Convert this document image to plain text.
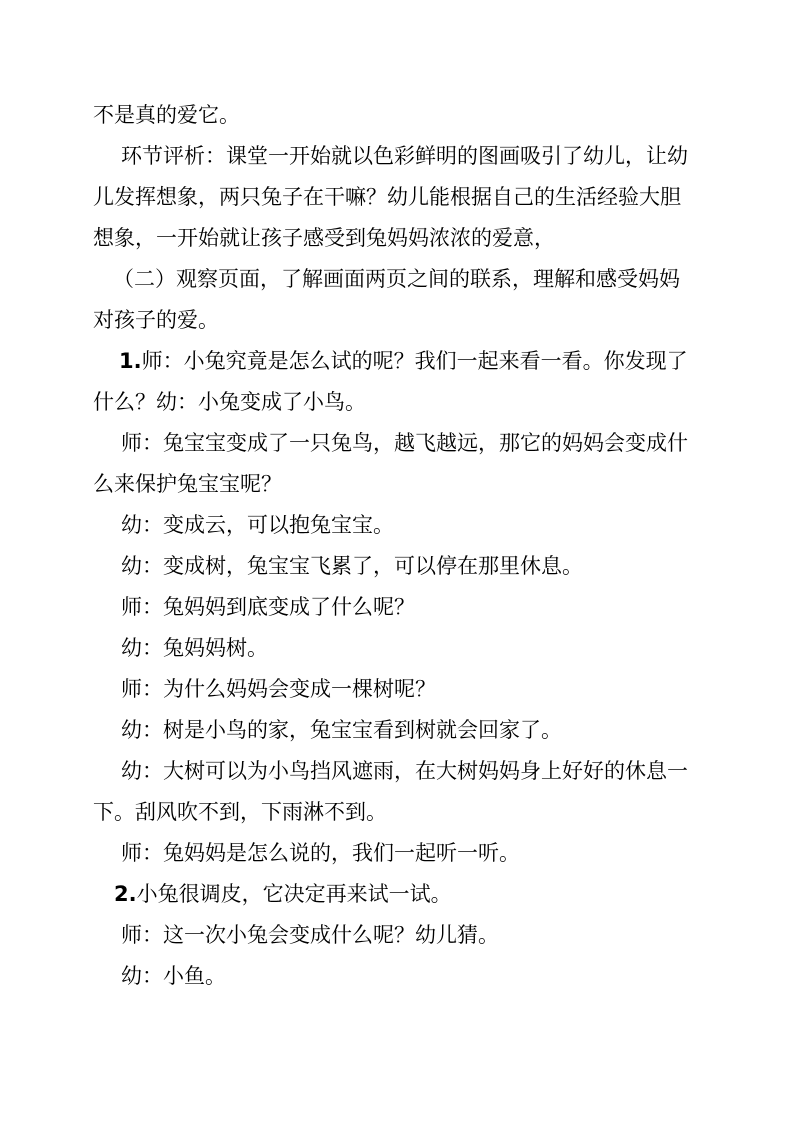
不是真的爱它。
环节评析：课堂一开始就以色彩鲜明的图画吸引了幼儿，让幼
儿发挥想象，两只兔子在干嘛？幼儿能根据自己的生活经验大胆
想象，一开始就让孩子感受到兔妈妈浓浓的爱意，
（二）观察页面，了解画面两页之间的联系，理解和感受妈妈
对孩子的爱。
1.师：小兔究竟是怎么试的呢？我们一起来看一看。你发现了
什么？幼：小兔变成了小鸟。
师：兔宝宝变成了一只兔鸟，越飞越远，那它的妈妈会变成什
么来保护兔宝宝呢？
幼：变成云，可以抱兔宝宝。
幼：变成树，兔宝宝飞累了，可以停在那里休息。
师：兔妈妈到底变成了什么呢？
幼：兔妈妈树。
师：为什么妈妈会变成一棵树呢？
幼：树是小鸟的家，兔宝宝看到树就会回家了。
幼：大树可以为小鸟挡风遮雨，在大树妈妈身上好好的休息一
下。刮风吹不到，下雨淋不到。
师：兔妈妈是怎么说的，我们一起听一听。
2.小兔很调皮，它决定再来试一试。
师：这一次小兔会变成什么呢？幼儿猜。
幼：小鱼。
